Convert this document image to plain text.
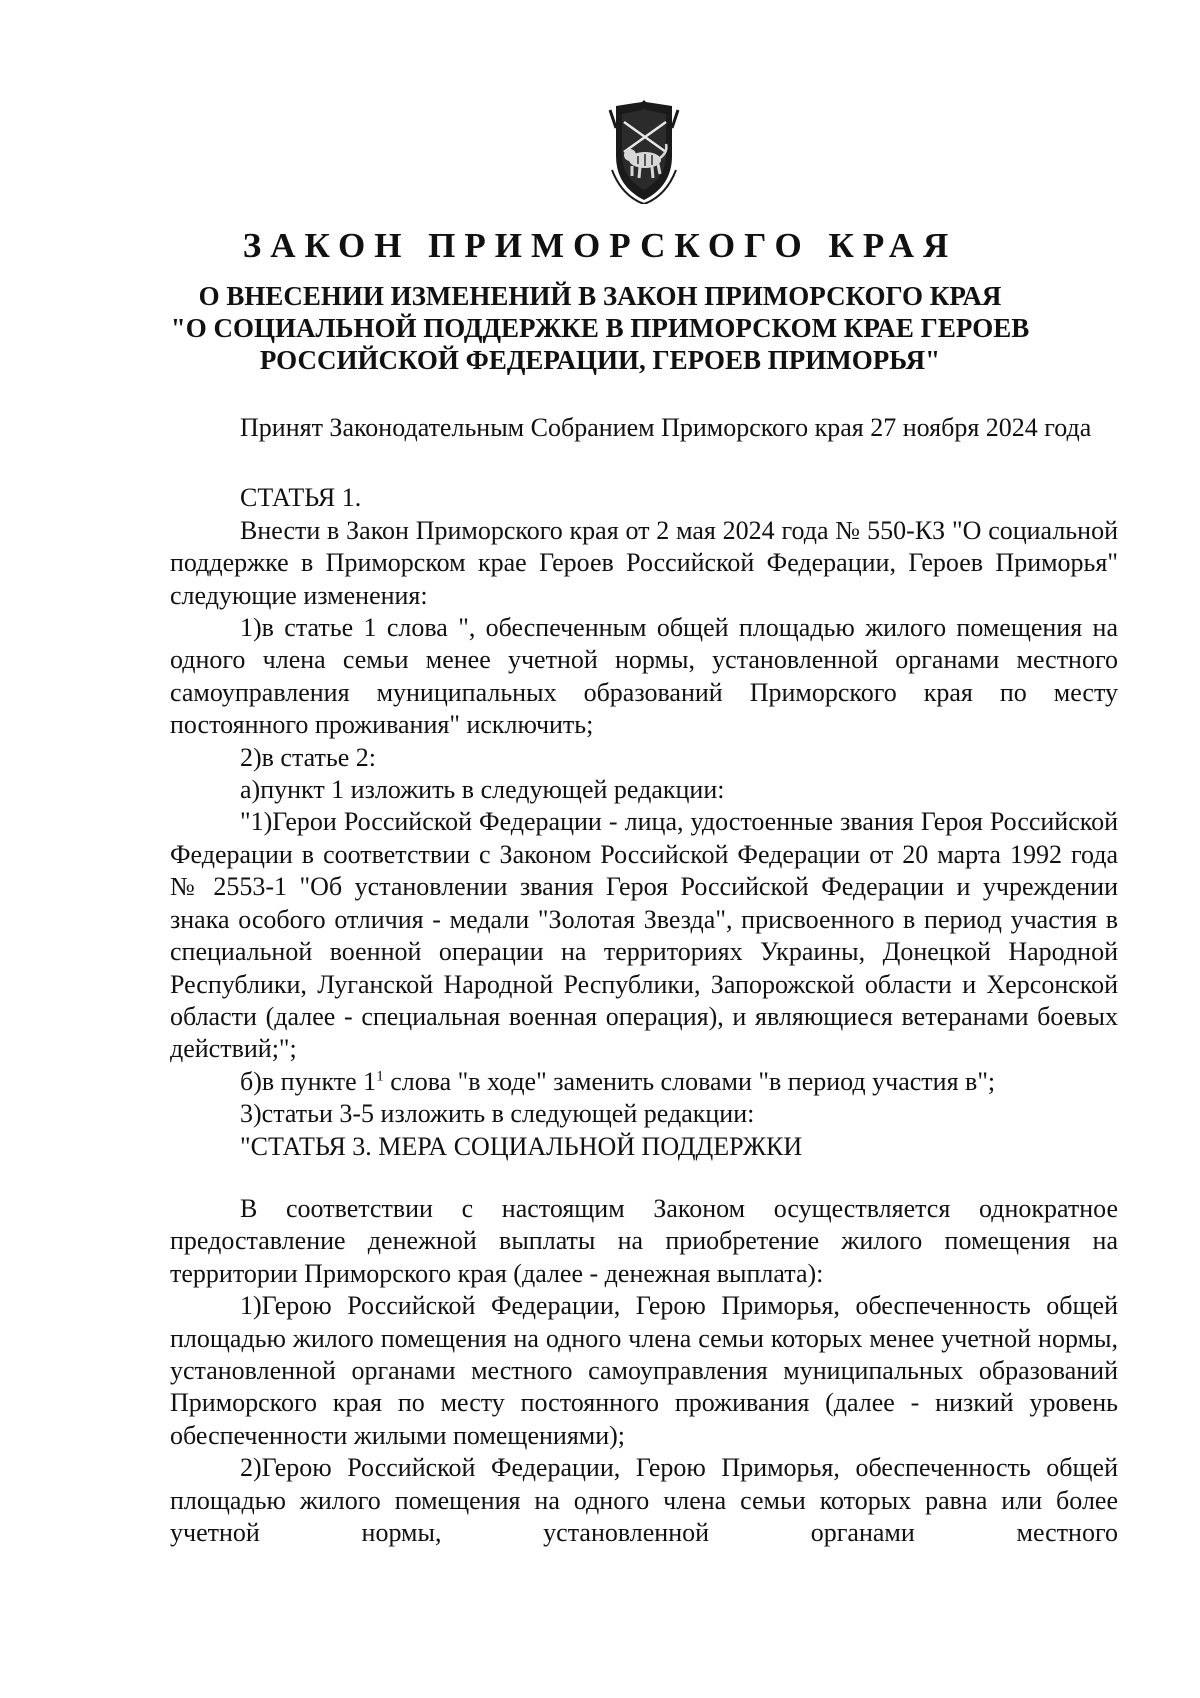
ЗАКОН ПРИМОРСКОГО КРАЯ
О ВНЕСЕНИИ ИЗМЕНЕНИЙ В ЗАКОН ПРИМОРСКОГО КРАЯ
"О СОЦИАЛЬНОЙ ПОДДЕРЖКЕ В ПРИМОРСКОМ КРАЕ ГЕРОЕВ
РОССИЙСКОЙ ФЕДЕРАЦИИ, ГЕРОЕВ ПРИМОРЬЯ"

Принят Законодательным Собранием Приморского края 27 ноября 2024 года

СТАТЬЯ 1.

Внести в Закон Приморского края от 2 мая 2024 года № 550-КЗ "О социальной поддержке в Приморском крае Героев Российской Федерации, Героев Приморья" следующие изменения:

1)в статье 1 слова ", обеспеченным общей площадью жилого помещения на одного члена семьи менее учетной нормы, установленной органами местного самоуправления муниципальных образований Приморского края по месту постоянного проживания" исключить;

2)в статье 2:

а)пункт 1 изложить в следующей редакции:

"1)Герои Российской Федерации - лица, удостоенные звания Героя Российской Федерации в соответствии с Законом Российской Федерации от 20 марта 1992 года № 2553-1 "Об установлении звания Героя Российской Федерации и учреждении знака особого отличия - медали "Золотая Звезда", присвоенного в период участия в специальной военной операции на территориях Украины, Донецкой Народной Республики, Луганской Народной Республики, Запорожской области и Херсонской области (далее - специальная военная операция), и являющиеся ветеранами боевых действий;";

б)в пункте $1^1$ слова "в ходе" заменить словами "в период участия в";

3)статьи 3-5 изложить в следующей редакции:

"СТАТЬЯ 3. МЕРА СОЦИАЛЬНОЙ ПОДДЕРЖКИ

В соответствии с настоящим Законом осуществляется однократное предоставление денежной выплаты на приобретение жилого помещения на территории Приморского края (далее - денежная выплата):

1)Герою Российской Федерации, Герою Приморья, обеспеченность общей площадью жилого помещения на одного члена семьи которых менее учетной нормы, установленной органами местного самоуправления муниципальных образований Приморского края по месту постоянного проживания (далее - низкий уровень обеспеченности жилыми помещениями);

2)Герою Российской Федерации, Герою Приморья, обеспеченность общей площадью жилого помещения на одного члена семьи которых равна или более учетной нормы, установленной органами местного
